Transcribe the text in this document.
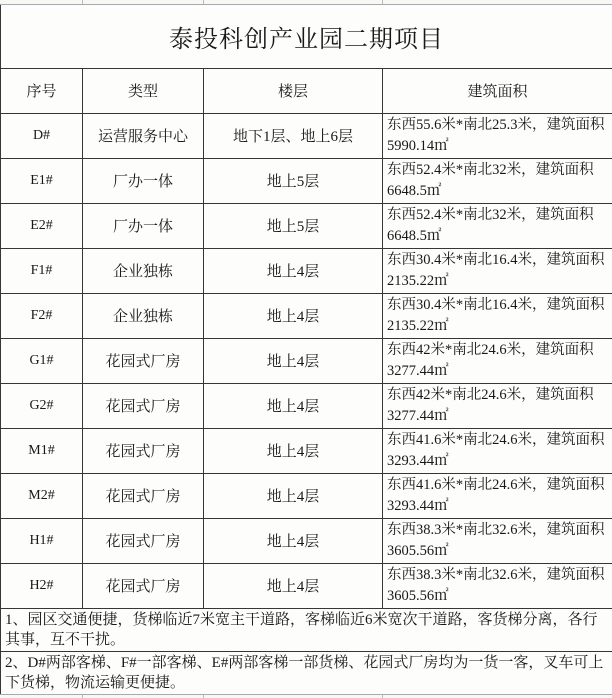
泰投科创产业园二期项目			
序号	类型	楼层	建筑面积
D#	运营服务中心	地下1层、地上6层	东西55.6米*南北25.3米，建筑面积5990.14㎡
E1#	厂办一体	地上5层	东西52.4米*南北32米，建筑面积6648.5㎡
E2#	厂办一体	地上5层	东西52.4米*南北32米，建筑面积6648.5㎡
F1#	企业独栋	地上4层	东西30.4米*南北16.4米，建筑面积2135.22㎡
F2#	企业独栋	地上4层	东西30.4米*南北16.4米，建筑面积2135.22㎡
G1#	花园式厂房	地上4层	东西42米*南北24.6米，建筑面积3277.44㎡
G2#	花园式厂房	地上4层	东西42米*南北24.6米，建筑面积3277.44㎡
M1#	花园式厂房	地上4层	东西41.6米*南北24.6米，建筑面积3293.44㎡
M2#	花园式厂房	地上4层	东西41.6米*南北24.6米，建筑面积3293.44㎡
H1#	花园式厂房	地上4层	东西38.3米*南北32.6米，建筑面积3605.56㎡
H2#	花园式厂房	地上4层	东西38.3米*南北32.6米，建筑面积3605.56㎡
1、园区交通便捷，货梯临近7米宽主干道路，客梯临近6米宽次干道路，客货梯分离，各行其事，互不干扰。			
2、D#两部客梯、F#一部客梯、E#两部客梯一部货梯、花园式厂房均为一货一客，叉车可上下货梯，物流运输更便捷。			
